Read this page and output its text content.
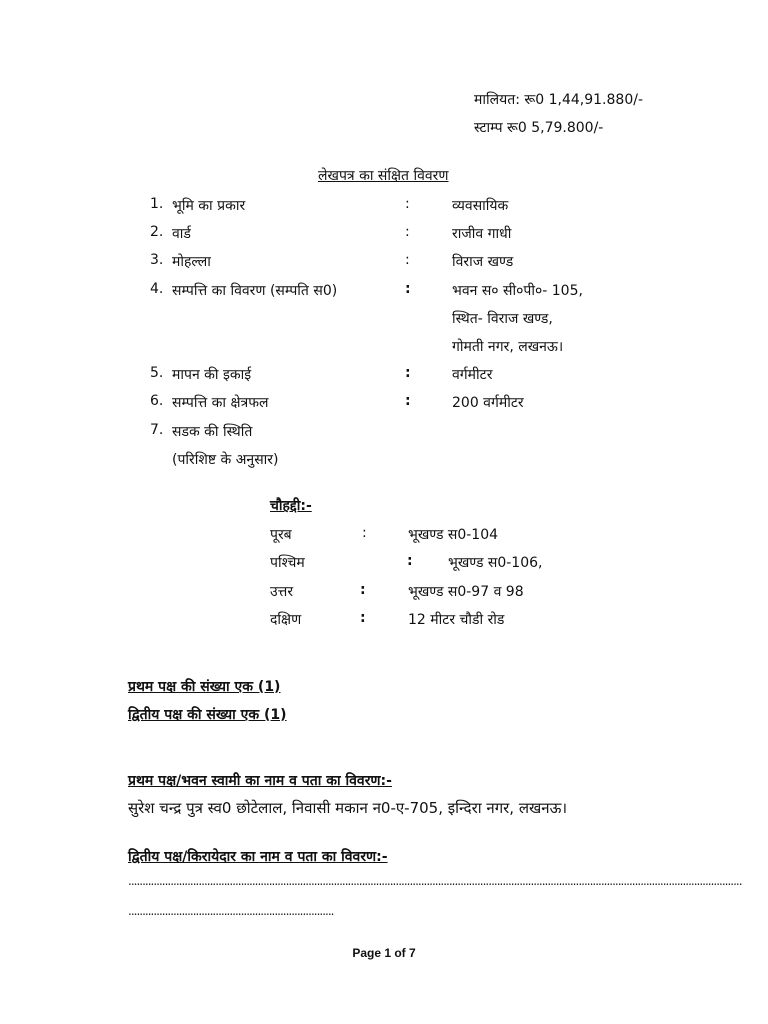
मालियत: रू0 1,44,91.880/-
स्टाम्प रू0 5,79.800/-
लेखपत्र का संक्षित विवरण
1. भूमि का प्रकार	:	व्यवसायिक
2. वार्ड	:	राजीव गाधी
3. मोहल्ला	:	विराज खण्ड
4. सम्पत्ति का विवरण (सम्पति स0)	:	भवन स० सी०पी०- 105,
स्थित- विराज खण्ड,
गोमती नगर, लखनऊ।
5. मापन की इकाई	:	वर्गमीटर
6. सम्पत्ति का क्षेत्रफल	:	200 वर्गमीटर
7. सडक की स्थिति
(परिशिष्ट के अनुसार)
चौहद्दी:-
पूरब	:	भूखण्ड स0-104
पश्चिम	:	भूखण्ड स0-106,
उत्तर	:	भूखण्ड स0-97 व 98
दक्षिण	:	12 मीटर चौडी रोड
प्रथम पक्ष की संख्या एक (1)
द्वितीय पक्ष की संख्या एक (1)
प्रथम पक्ष/भवन स्वामी का नाम व पता का विवरण:-
सुरेश चन्द्र पुत्र स्व0 छोटेलाल, निवासी मकान न0-ए-705, इन्दिरा नगर, लखनऊ।
द्वितीय पक्ष/किरायेदार का नाम व पता का विवरण:-
..........................................................................................................................................................................................................................
.........................................................................
Page 1 of 7
